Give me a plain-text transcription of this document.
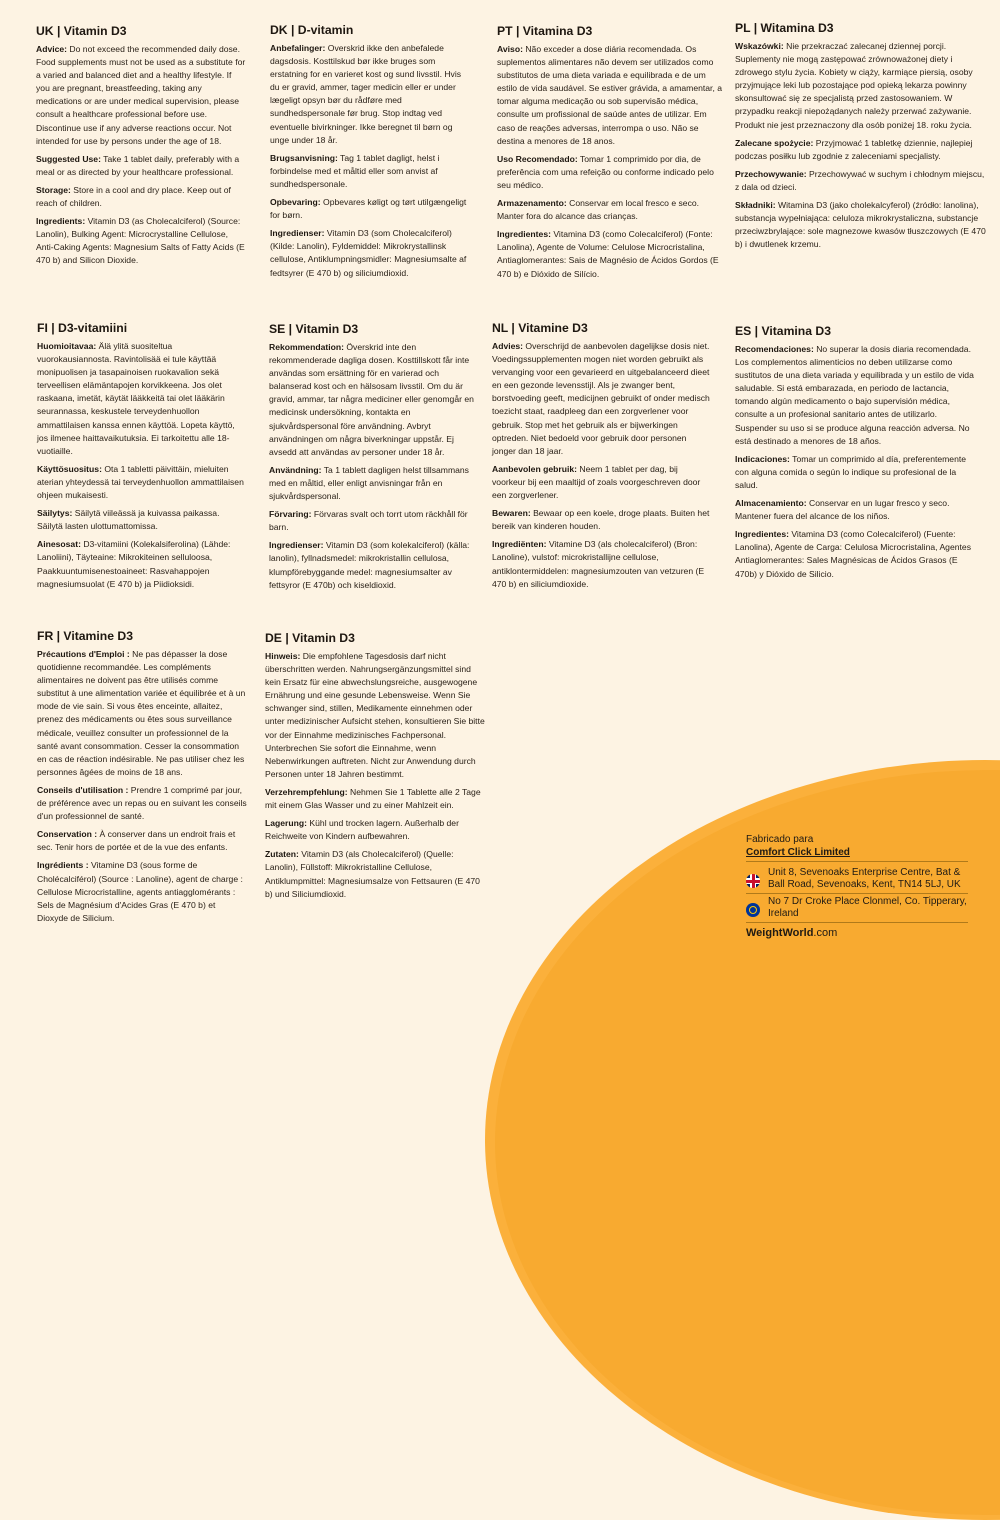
UK | Vitamin D3

Advice: Do not exceed the recommended daily dose. Food supplements must not be used as a substitute for a varied and balanced diet and a healthy lifestyle. If you are pregnant, breastfeeding, taking any medications or are under medical supervision, please consult a healthcare professional before use. Discontinue use if any adverse reactions occur. Not intended for use by persons under the age of 18.

Suggested Use: Take 1 tablet daily, preferably with a meal or as directed by your healthcare professional.

Storage: Store in a cool and dry place. Keep out of reach of children.

Ingredients: Vitamin D3 (as Cholecalciferol) (Source: Lanolin), Bulking Agent: Microcrystalline Cellulose, Anti-Caking Agents: Magnesium Salts of Fatty Acids (E 470 b) and Silicon Dioxide.

DK | D-vitamin

Anbefalinger: Overskrid ikke den anbefalede dagsdosis. Kosttilskud bør ikke bruges som erstatning for en varieret kost og sund livsstil. Hvis du er gravid, ammer, tager medicin eller er under lægeligt opsyn bør du rådføre med sundhedspersonale før brug. Stop indtag ved eventuelle bivirkninger. Ikke beregnet til børn og unge under 18 år.

Brugsanvisning: Tag 1 tablet dagligt, helst i forbindelse med et måltid eller som anvist af sundhedspersonale.

Opbevaring: Opbevares køligt og tørt utilgængeligt for børn.

Ingredienser: Vitamin D3 (som Cholecalciferol) (Kilde: Lanolin), Fyldemiddel: Mikrokrystallinsk cellulose, Antiklumpningsmidler: Magnesiumsalte af fedtsyrer (E 470 b) og siliciumdioxid.

PT | Vitamina D3

Aviso: Não exceder a dose diária recomendada. Os suplementos alimentares não devem ser utilizados como substitutos de uma dieta variada e equilibrada e de um estilo de vida saudável. Se estiver grávida, a amamentar, a tomar alguma medicação ou sob supervisão médica, consulte um profissional de saúde antes de utilizar. Em caso de reações adversas, interrompa o uso. Não se destina a menores de 18 anos.

Uso Recomendado: Tomar 1 comprimido por dia, de preferência com uma refeição ou conforme indicado pelo seu médico.

Armazenamento: Conservar em local fresco e seco. Manter fora do alcance das crianças.

Ingredientes: Vitamina D3 (como Colecalciferol) (Fonte: Lanolina), Agente de Volume: Celulose Microcristalina, Antiaglomerantes: Sais de Magnésio de Ácidos Gordos (E 470 b) e Dióxido de Silício.

PL | Witamina D3

Wskazówki: Nie przekraczać zalecanej dziennej porcji. Suplementy nie mogą zastępować zrównoważonej diety i zdrowego stylu życia. Kobiety w ciąży, karmiące piersią, osoby przyjmujące leki lub pozostające pod opieką lekarza powinny skonsultować się ze specjalistą przed zastosowaniem. W przypadku reakcji niepożądanych należy przerwać zażywanie. Produkt nie jest przeznaczony dla osób poniżej 18. roku życia.

Zalecane spożycie: Przyjmować 1 tabletkę dziennie, najlepiej podczas posiłku lub zgodnie z zaleceniami specjalisty.

Przechowywanie: Przechowywać w suchym i chłodnym miejscu, z dala od dzieci.

Składniki: Witamina D3 (jako cholekalcyferol) (źródło: lanolina), substancja wypełniająca: celuloza mikrokrystaliczna, substancje przeciwzbrylające: sole magnezowe kwasów tłuszczowych (E 470 b) i dwutlenek krzemu.

FI | D3-vitamiini

Huomioitavaa: Älä ylitä suositeltua vuorokausiannosta. Ravintolisää ei tule käyttää monipuolisen ja tasapainoisen ruokavalion sekä terveellisen elämäntapojen korvikkeena. Jos olet raskaana, imetät, käytät lääkkeitä tai olet lääkärin seurannassa, keskustele terveydenhuollon ammattilaisen kanssa ennen käyttöä. Lopeta käyttö, jos ilmenee haittavaikutuksia. Ei tarkoitettu alle 18-vuotiaille.

Käyttösuositus: Ota 1 tabletti päivittäin, mieluiten aterian yhteydessä tai terveydenhuollon ammattilaisen ohjeen mukaisesti.

Säilytys: Säilytä viileässä ja kuivassa paikassa. Säilytä lasten ulottumattomissa.

Ainesosat: D3-vitamiini (Kolekalsiferolina) (Lähde: Lanoliini), Täyteaine: Mikrokiteinen selluloosa, Paakkuuntumisenestoaineet: Rasvahappojen magnesiumsuolat (E 470 b) ja Piidioksidi.

SE | Vitamin D3

Rekommendation: Överskrid inte den rekommenderade dagliga dosen. Kosttillskott får inte användas som ersättning för en varierad och balanserad kost och en hälsosam livsstil. Om du är gravid, ammar, tar några mediciner eller genomgår en medicinsk undersökning, kontakta en sjukvårdspersonal före användning. Avbryt användningen om några biverkningar uppstår. Ej avsedd att användas av personer under 18 år.

Användning: Ta 1 tablett dagligen helst tillsammans med en måltid, eller enligt anvisningar från en sjukvårdspersonal.

Förvaring: Förvaras svalt och torrt utom räckhåll för barn.

Ingredienser: Vitamin D3 (som kolekalciferol) (källa: lanolin), fyllnadsmedel: mikrokristallin cellulosa, klumpförebyggande medel: magnesiumsalter av fettsyror (E 470b) och kiseldioxid.

NL | Vitamine D3

Advies: Overschrijd de aanbevolen dagelijkse dosis niet. Voedingssupplementen mogen niet worden gebruikt als vervanging voor een gevarieerd en uitgebalanceerd dieet en een gezonde levensstijl. Als je zwanger bent, borstvoeding geeft, medicijnen gebruikt of onder medisch toezicht staat, raadpleeg dan een zorgverlener voor gebruik. Stop met het gebruik als er bijwerkingen optreden. Niet bedoeld voor gebruik door personen jonger dan 18 jaar.

Aanbevolen gebruik: Neem 1 tablet per dag, bij voorkeur bij een maaltijd of zoals voorgeschreven door een zorgverlener.

Bewaren: Bewaar op een koele, droge plaats. Buiten het bereik van kinderen houden.

Ingrediënten: Vitamine D3 (als cholecalciferol) (Bron: Lanoline), vulstof: microkristallijne cellulose, antiklontermiddelen: magnesiumzouten van vetzuren (E 470 b) en siliciumdioxide.

ES | Vitamina D3

Recomendaciones: No superar la dosis diaria recomendada. Los complementos alimenticios no deben utilizarse como sustitutos de una dieta variada y equilibrada y un estilo de vida saludable. Si está embarazada, en periodo de lactancia, tomando algún medicamento o bajo supervisión médica, consulte a un profesional sanitario antes de utilizarlo. Suspender su uso si se produce alguna reacción adversa. No está destinado a menores de 18 años.

Indicaciones: Tomar un comprimido al día, preferentemente con alguna comida o según lo indique su profesional de la salud.

Almacenamiento: Conservar en un lugar fresco y seco. Mantener fuera del alcance de los niños.

Ingredientes: Vitamina D3 (como Colecalciferol) (Fuente: Lanolina), Agente de Carga: Celulosa Microcristalina, Agentes Antiaglomerantes: Sales Magnésicas de Ácidos Grasos (E 470b) y Dióxido de Silicio.

FR | Vitamine D3

Précautions d'Emploi : Ne pas dépasser la dose quotidienne recommandée. Les compléments alimentaires ne doivent pas être utilisés comme substitut à une alimentation variée et équilibrée et à un mode de vie sain. Si vous êtes enceinte, allaitez, prenez des médicaments ou êtes sous surveillance médicale, veuillez consulter un professionnel de la santé avant consommation. Cesser la consommation en cas de réaction indésirable. Ne pas utiliser chez les personnes âgées de moins de 18 ans.

Conseils d'utilisation : Prendre 1 comprimé par jour, de préférence avec un repas ou en suivant les conseils d'un professionnel de santé.

Conservation : À conserver dans un endroit frais et sec. Tenir hors de portée et de la vue des enfants.

Ingrédients : Vitamine D3 (sous forme de Cholécalciférol) (Source : Lanoline), agent de charge : Cellulose Microcristalline, agents antiagglomérants : Sels de Magnésium d'Acides Gras (E 470 b) et Dioxyde de Silicium.

DE | Vitamin D3

Hinweis: Die empfohlene Tagesdosis darf nicht überschritten werden. Nahrungsergänzungsmittel sind kein Ersatz für eine abwechslungsreiche, ausgewogene Ernährung und eine gesunde Lebensweise. Wenn Sie schwanger sind, stillen, Medikamente einnehmen oder unter medizinischer Aufsicht stehen, konsultieren Sie bitte vor der Einnahme medizinisches Fachpersonal. Unterbrechen Sie sofort die Einnahme, wenn Nebenwirkungen auftreten. Nicht zur Anwendung durch Personen unter 18 Jahren bestimmt.

Verzehrempfehlung: Nehmen Sie 1 Tablette alle 2 Tage mit einem Glas Wasser und zu einer Mahlzeit ein.

Lagerung: Kühl und trocken lagern. Außerhalb der Reichweite von Kindern aufbewahren.

Zutaten: Vitamin D3 (als Cholecalciferol) (Quelle: Lanolin), Füllstoff: Mikrokristalline Cellulose, Antiklumpmittel: Magnesiumsalze von Fettsauren (E 470 b) und Siliciumdioxid.

Fabricado para
Comfort Click Limited
Unit 8, Sevenoaks Enterprise Centre, Bat & Ball Road, Sevenoaks, Kent, TN14 5LJ, UK
No 7 Dr Croke Place Clonmel, Co. Tipperary, Ireland
WeightWorld.com
